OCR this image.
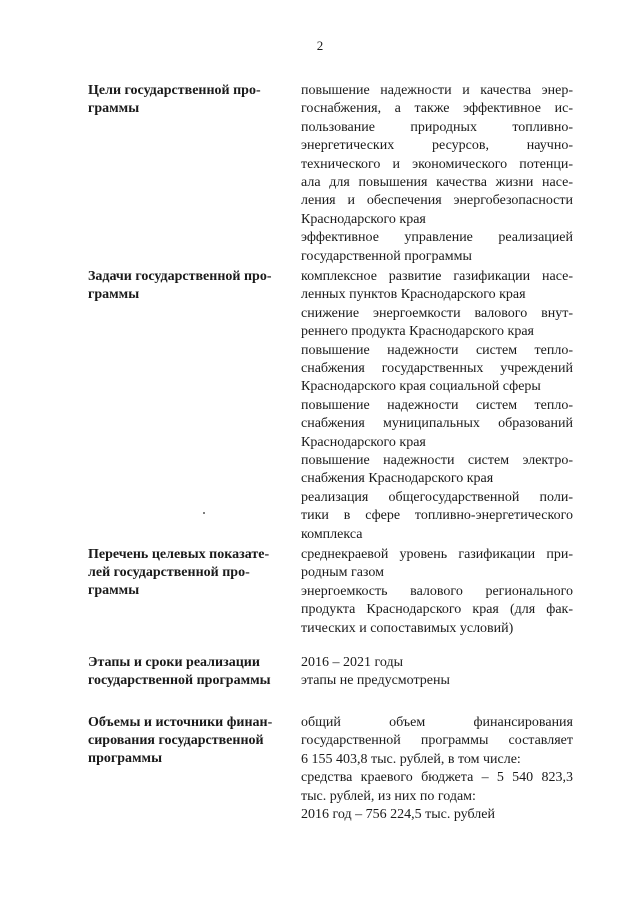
2
Цели государственной про-
граммы
повышение надежности и качества энер-
госнабжения, а также эффективное ис-
пользование природных топливно-
энергетических ресурсов, научно-
технического и экономического потенци-
ала для повышения качества жизни насе-
ления и обеспечения энергобезопасности
Краснодарского края
эффективное управление реализацией
государственной программы
Задачи государственной про-
граммы
комплексное развитие газификации насе-
ленных пунктов Краснодарского края
снижение энергоемкости валового внут-
реннего продукта Краснодарского края
повышение надежности систем тепло-
снабжения государственных учреждений
Краснодарского края социальной сферы
повышение надежности систем тепло-
снабжения муниципальных образований
Краснодарского края
повышение надежности систем электро-
снабжения Краснодарского края
реализация общегосударственной поли-
тики в сфере топливно-энергетического
комплекса
Перечень целевых показате-
лей государственной про-
граммы
среднекраевой уровень газификации при-
родным газом
энергоемкость валового регионального
продукта Краснодарского края (для фак-
тических и сопоставимых условий)
Этапы и сроки реализации
государственной программы
2016 – 2021 годы
этапы не предусмотрены
Объемы и источники финан-
сирования государственной
программы
общий объем финансирования
государственной программы составляет
6 155 403,8 тыс. рублей, в том числе:
средства краевого бюджета – 5 540 823,3
тыс. рублей, из них по годам:
2016 год – 756 224,5 тыс. рублей
